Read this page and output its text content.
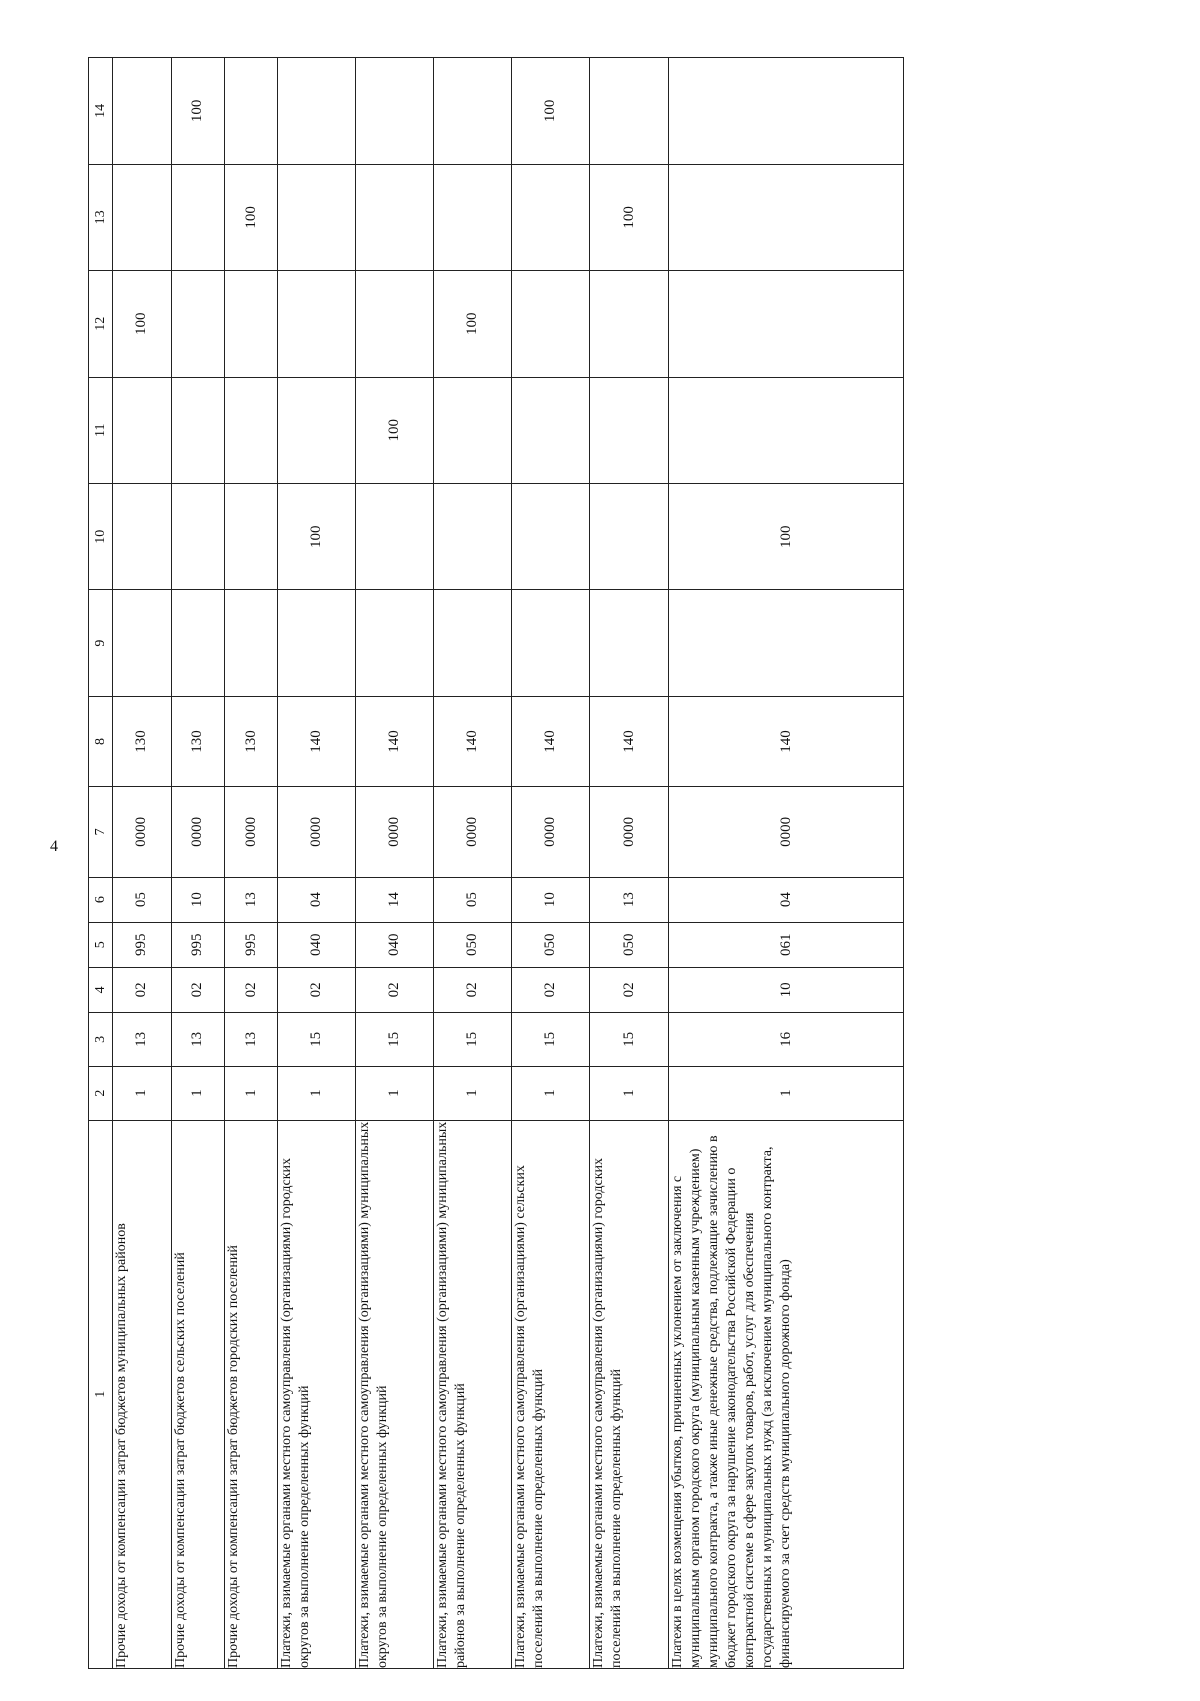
4
1	2	3	4	5	6	7	8	9	10	11	12	13	14
Прочие доходы от компенсации затрат бюджетов муниципальных районов	1	13	02	995	05	0000	130				100		
Прочие доходы от компенсации затрат бюджетов сельских поселений	1	13	02	995	10	0000	130						100
Прочие доходы от компенсации затрат бюджетов городских поселений	1	13	02	995	13	0000	130					100	
Платежи, взимаемые органами местного самоуправления (организациями) городских округов за выполнение определенных функций	1	15	02	040	04	0000	140		100				
Платежи, взимаемые органами местного самоуправления (организациями) муниципальных округов за выполнение определенных функций	1	15	02	040	14	0000	140			100			
Платежи, взимаемые органами местного самоуправления (организациями) муниципальных районов за выполнение определенных функций	1	15	02	050	05	0000	140				100		
Платежи, взимаемые органами местного самоуправления (организациями) сельских поселений за выполнение определенных функций	1	15	02	050	10	0000	140						100
Платежи, взимаемые органами местного самоуправления (организациями) городских поселений за выполнение определенных функций	1	15	02	050	13	0000	140					100	
Платежи в целях возмещения убытков, причиненных уклонением от заключения с муниципальным органом городского округа (муниципальным казенным учреждением) муниципального контракта, а также иные денежные средства, подлежащие зачислению в бюджет городского округа за нарушение законодательства Российской Федерации о контрактной системе в сфере закупок товаров, работ, услуг для обеспечения государственных и муниципальных нужд (за исключением муниципального контракта, финансируемого за счет средств муниципального дорожного фонда)	1	16	10	061	04	0000	140		100				
